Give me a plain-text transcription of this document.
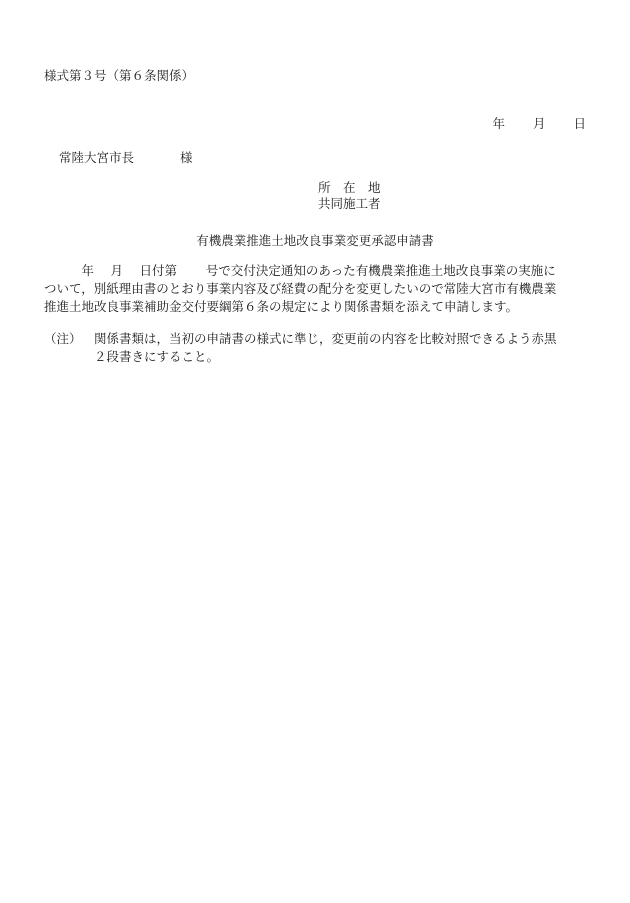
様式第３号（第６条関係）
年 月 日
常陸大宮市長	様
所　在　地
共同施工者
有機農業推進土地改良事業変更承認申請書
　　　年　 月　 日付第　　 号で交付決定通知のあった有機農業推進土地改良事業の実施に
ついて，別紙理由書のとおり事業内容及び経費の配分を変更したいので常陸大宮市有機農業
推進土地改良事業補助金交付要綱第６条の規定により関係書類を添えて申請します。
（注） 関係書類は，当初の申請書の様式に準じ，変更前の内容を比較対照できるよう赤黒
２段書きにすること。
